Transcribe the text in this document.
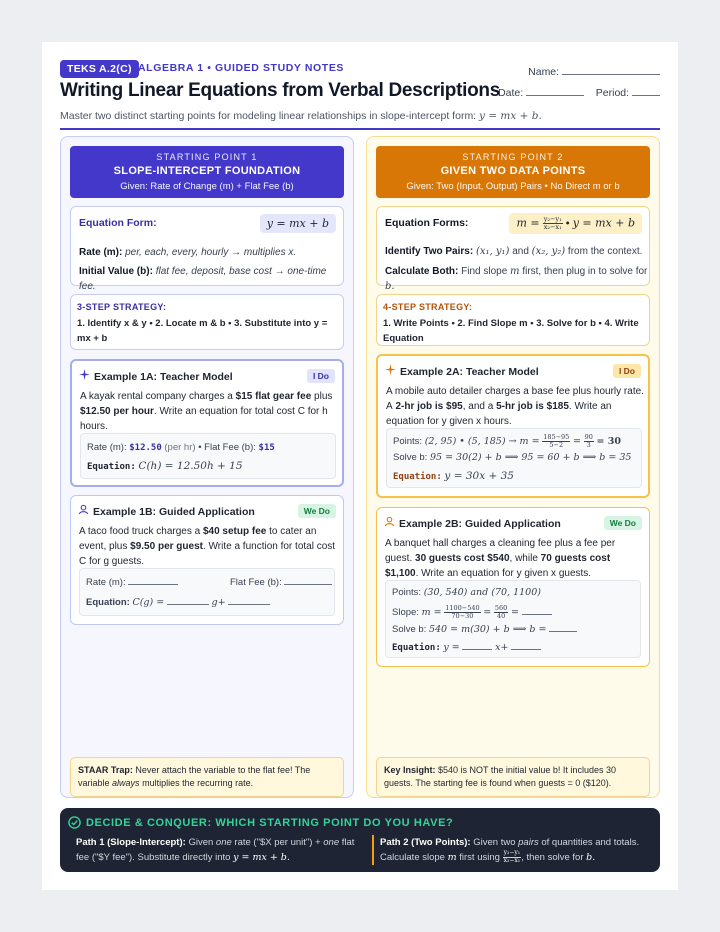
TEKS A.2(C) ALGEBRA 1 • GUIDED STUDY NOTES
Writing Linear Equations from Verbal Descriptions
Name:
Date:	Period:
Master two distinct starting points for modeling linear relationships in slope-intercept form: y = mx + b.
STARTING POINT 1
SLOPE-INTERCEPT FOUNDATION
Given: Rate of Change (m) + Flat Fee (b)
Equation Form:	y = mx + b
Rate (m): per, each, every, hourly → multiplies x.
Initial Value (b): flat fee, deposit, base cost → one-time fee.
3-STEP STRATEGY:
1. Identify x & y • 2. Locate m & b • 3. Substitute into y = mx + b
Example 1A: Teacher Model	I Do
A kayak rental company charges a $15 flat gear fee plus $12.50 per hour. Write an equation for total cost C for h hours.
Rate (m): $12.50 (per hr) • Flat Fee (b): $15
Equation: C(h) = 12.50h + 15
Example 1B: Guided Application	We Do
A taco food truck charges a $40 setup fee to cater an event, plus $9.50 per guest. Write a function for total cost C for g guests.
Rate (m):	Flat Fee (b):
Equation: C(g) =	g+
STAAR Trap: Never attach the variable to the flat fee! The variable always multiplies the recurring rate.
STARTING POINT 2
GIVEN TWO DATA POINTS
Given: Two (Input, Output) Pairs • No Direct m or b
Equation Forms:	$m = \frac{\text{y₂−y₁}}{\text{x₂−x₁}}$ • y = mx + b
Identify Two Pairs: (x₁, y₁) and (x₂, y₂) from the context.
Calculate Both: Find slope m first, then plug in to solve for b.
4-STEP STRATEGY:
1. Write Points • 2. Find Slope m • 3. Solve for b • 4. Write Equation
Example 2A: Teacher Model	I Do
A mobile auto detailer charges a base fee plus hourly rate. A 2-hr job is $95, and a 5-hr job is $185. Write an equation for y given x hours.
Points: (2, 95) • (5, $185) \to m = \frac{185-95}{5-2} = \frac{90}{3} = 30$
Solve b: 95 = 30(2) + b ⟹ 95 = 60 + b ⟹ b = 35
Equation: y = 30x + 35
Example 2B: Guided Application	We Do
A banquet hall charges a cleaning fee plus a fee per guest. 30 guests cost $540, while 70 guests cost $1,100. Write an equation for y given x guests.
Points: (30, 540) and (70, 1100)
Slope: $m = \frac{1100-540}{70-30} = \frac{560}{40}$ =
Solve b: 540 = m(30) + b ⟹ b =
Equation: y =	x+
Key Insight: $540 is NOT the initial value b! It includes 30 guests. The starting fee is found when guests = 0 ($120).
DECIDE & CONQUER: WHICH STARTING POINT DO YOU HAVE?
Path 1 (Slope-Intercept): Given one rate ("$X per unit") + one flat fee ("$Y fee"). Substitute directly into y = mx + b.
Path 2 (Two Points): Given two pairs of quantities and totals. Calculate slope m first using $\frac{\text{y₂−y₁}}{\text{x₂−x₁}}$ , then solve for b.
